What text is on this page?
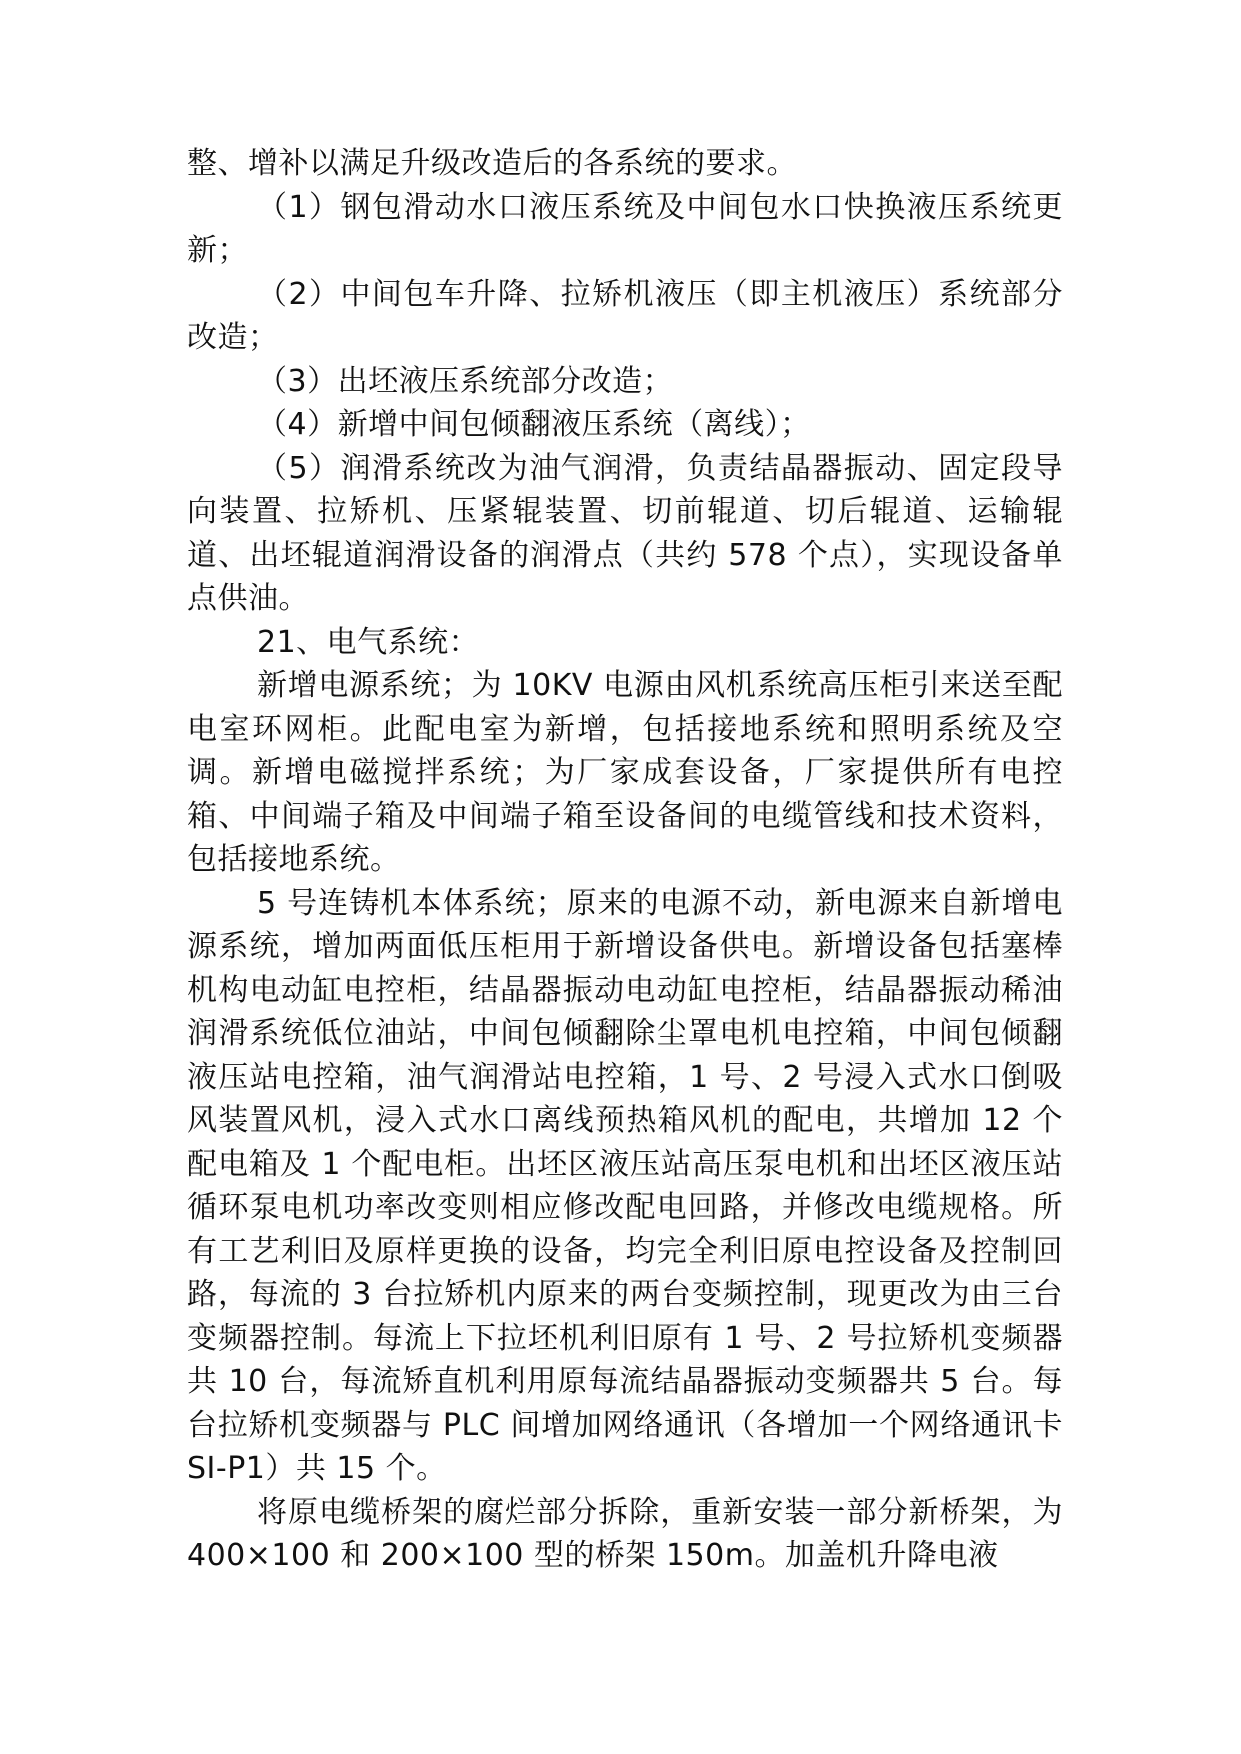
整、增补以满足升级改造后的各系统的要求。

（1）钢包滑动水口液压系统及中间包水口快换液压系统更新；

（2）中间包车升降、拉矫机液压（即主机液压）系统部分改造；

（3）出坯液压系统部分改造；

（4）新增中间包倾翻液压系统（离线）；

（5）润滑系统改为油气润滑，负责结晶器振动、固定段导向装置、拉矫机、压紧辊装置、切前辊道、切后辊道、运输辊道、出坯辊道润滑设备的润滑点（共约 578 个点），实现设备单点供油。

21、电气系统：

新增电源系统；为 10KV 电源由风机系统高压柜引来送至配电室环网柜。此配电室为新增，包括接地系统和照明系统及空调。新增电磁搅拌系统；为厂家成套设备，厂家提供所有电控箱、中间端子箱及中间端子箱至设备间的电缆管线和技术资料，包括接地系统。

5 号连铸机本体系统；原来的电源不动，新电源来自新增电源系统，增加两面低压柜用于新增设备供电。新增设备包括塞棒机构电动缸电控柜，结晶器振动电动缸电控柜，结晶器振动稀油润滑系统低位油站，中间包倾翻除尘罩电机电控箱，中间包倾翻液压站电控箱，油气润滑站电控箱，1 号、2 号浸入式水口倒吸风装置风机，浸入式水口离线预热箱风机的配电，共增加 12 个配电箱及 1 个配电柜。出坯区液压站高压泵电机和出坯区液压站循环泵电机功率改变则相应修改配电回路，并修改电缆规格。所有工艺利旧及原样更换的设备，均完全利旧原电控设备及控制回路，每流的 3 台拉矫机内原来的两台变频控制，现更改为由三台变频器控制。每流上下拉坯机利旧原有 1 号、2 号拉矫机变频器共 10 台，每流矫直机利用原每流结晶器振动变频器共 5 台。每台拉矫机变频器与 PLC 间增加网络通讯（各增加一个网络通讯卡 SI-P1）共 15 个。

将原电缆桥架的腐烂部分拆除，重新安装一部分新桥架，为 400×100 和 200×100 型的桥架 150m。加盖机升降电液
